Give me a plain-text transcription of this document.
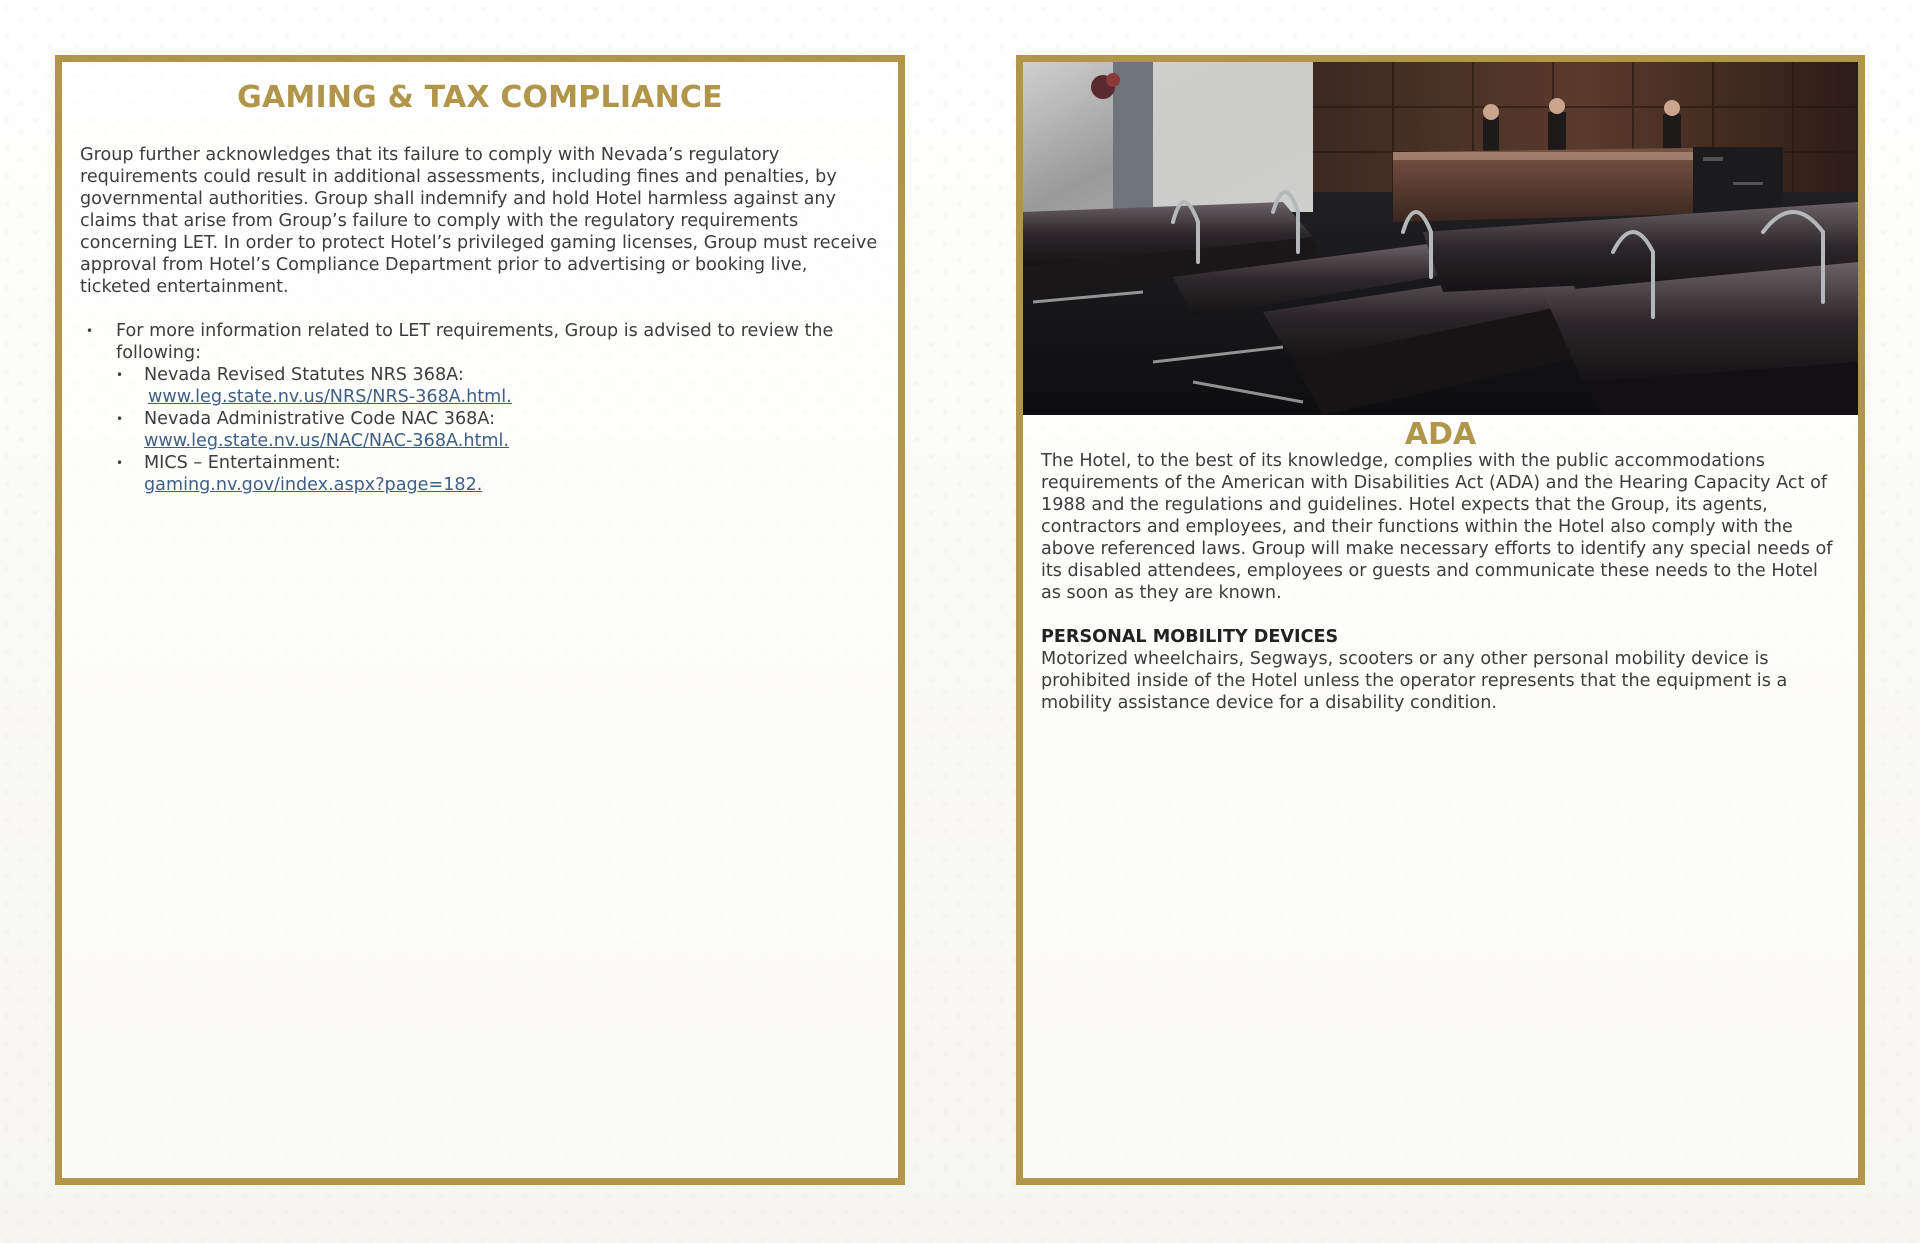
GAMING & TAX COMPLIANCE

Group further acknowledges that its failure to comply with Nevada’s regulatory requirements could result in additional assessments, including fines and penalties, by governmental authorities. Group shall indemnify and hold Hotel harmless against any claims that arise from Group’s failure to comply with the regulatory requirements concerning LET. In order to protect Hotel’s privileged gaming licenses, Group must receive approval from Hotel’s Compliance Department prior to advertising or booking live, ticketed entertainment.

• For more information related to LET requirements, Group is advised to review the following:
• Nevada Revised Statutes NRS 368A:
www.leg.state.nv.us/NRS/NRS-368A.html.
• Nevada Administrative Code NAC 368A:
www.leg.state.nv.us/NAC/NAC-368A.html.
• MICS – Entertainment:
gaming.nv.gov/index.aspx?page=182.
ADA

The Hotel, to the best of its knowledge, complies with the public accommodations requirements of the American with Disabilities Act (ADA) and the Hearing Capacity Act of 1988 and the regulations and guidelines. Hotel expects that the Group, its agents, contractors and employees, and their functions within the Hotel also comply with the above referenced laws. Group will make necessary efforts to identify any special needs of its disabled attendees, employees or guests and communicate these needs to the Hotel as soon as they are known.

PERSONAL MOBILITY DEVICES

Motorized wheelchairs, Segways, scooters or any other personal mobility device is prohibited inside of the Hotel unless the operator represents that the equipment is a mobility assistance device for a disability condition.
